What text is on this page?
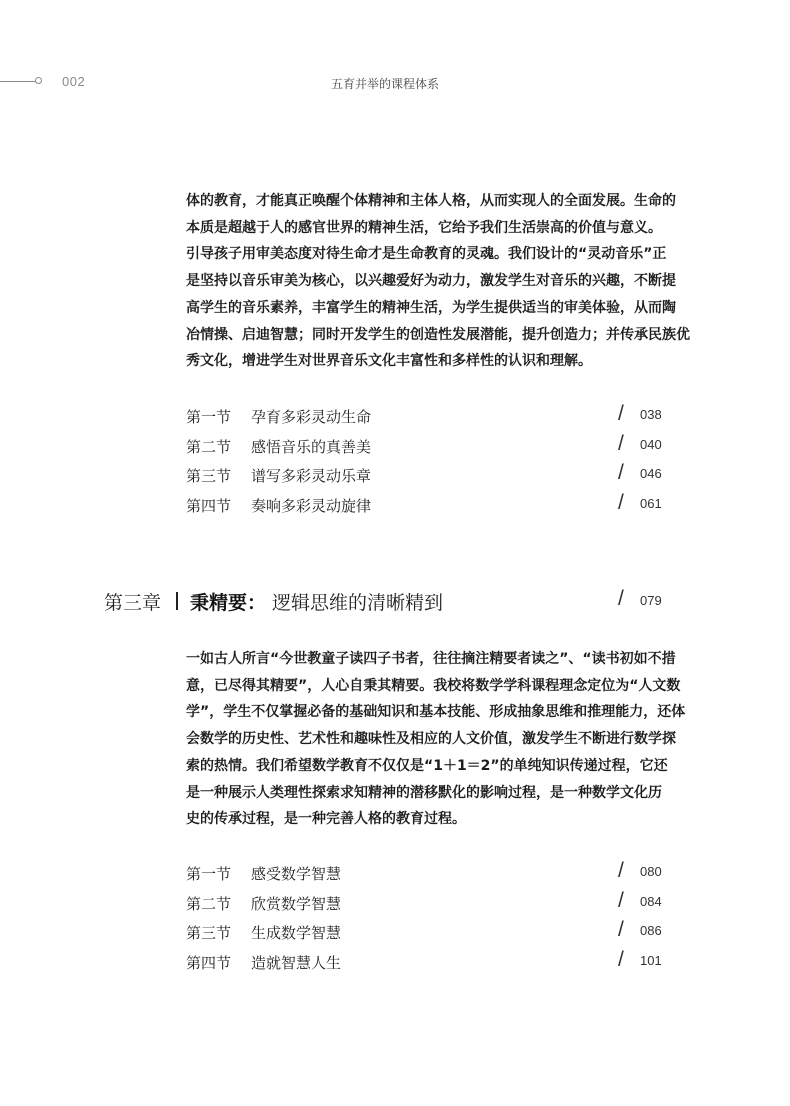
002	五育并举的课程体系

体的教育，才能真正唤醒个体精神和主体人格，从而实现人的全面发展。生命的
本质是超越于人的感官世界的精神生活，它给予我们生活崇高的价值与意义。
引导孩子用审美态度对待生命才是生命教育的灵魂。我们设计的“灵动音乐”正
是坚持以音乐审美为核心，以兴趣爱好为动力，激发学生对音乐的兴趣，不断提
高学生的音乐素养，丰富学生的精神生活，为学生提供适当的审美体验，从而陶
冶情操、启迪智慧；同时开发学生的创造性发展潜能，提升创造力；并传承民族优
秀文化，增进学生对世界音乐文化丰富性和多样性的认识和理解。

第一节 孕育多彩灵动生命	/ 038
第二节 感悟音乐的真善美	/ 040
第三节 谱写多彩灵动乐章	/ 046
第四节 奏响多彩灵动旋律	/ 061
第三章 秉精要： 逻辑思维的清晰精到	/ 079

一如古人所言“今世教童子读四子书者，往往摘注精要者读之”、“读书初如不措
意，已尽得其精要”，人心自秉其精要。我校将数学学科课程理念定位为“人文数
学”，学生不仅掌握必备的基础知识和基本技能、形成抽象思维和推理能力，还体
会数学的历史性、艺术性和趣味性及相应的人文价值，激发学生不断进行数学探
索的热情。我们希望数学教育不仅仅是“1＋1＝2”的单纯知识传递过程，它还
是一种展示人类理性探索求知精神的潜移默化的影响过程，是一种数学文化历
史的传承过程，是一种完善人格的教育过程。

第一节 感受数学智慧	/ 080
第二节 欣赏数学智慧	/ 084
第三节 生成数学智慧	/ 086
第四节 造就智慧人生	/ 101
